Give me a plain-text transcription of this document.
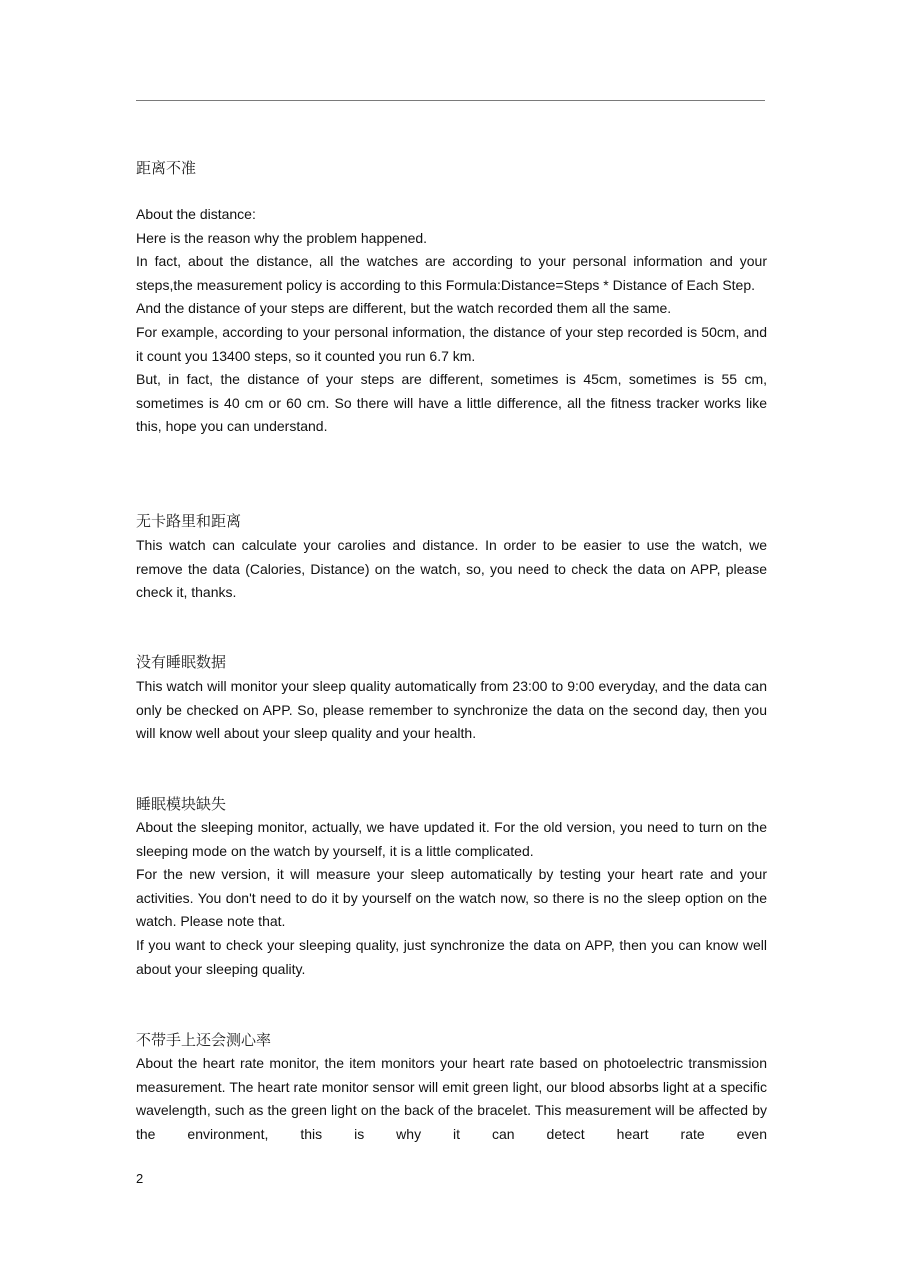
距离不准

About the distance:

Here is the reason why the problem happened.

In fact, about the distance, all the watches are according to your personal information and your steps,the measurement policy is according to this Formula:Distance=Steps * Distance of Each Step.

And the distance of your steps are different, but the watch recorded them all the same.

For example, according to your personal information, the distance of your step recorded is 50cm, and it count you 13400 steps, so it counted you run 6.7 km.

But, in fact, the distance of your steps are different, sometimes is 45cm, sometimes is 55 cm, sometimes is 40 cm or 60 cm. So there will have a little difference, all the fitness tracker works like this, hope you can understand.

无卡路里和距离

This watch can calculate your carolies and distance. In order to be easier to use the watch, we remove the data (Calories, Distance) on the watch, so, you need to check the data on APP, please check it, thanks.

没有睡眠数据

This watch will monitor your sleep quality automatically from 23:00 to 9:00 everyday, and the data can only be checked on APP. So, please remember to synchronize the data on the second day, then you will know well about your sleep quality and your health.

睡眠模块缺失

About the sleeping monitor, actually, we have updated it. For the old version, you need to turn on the sleeping mode on the watch by yourself, it is a little complicated.

For the new version, it will measure your sleep automatically by testing your heart rate and your activities. You don't need to do it by yourself on the watch now, so there is no the sleep option on the watch. Please note that.

If you want to check your sleeping quality, just synchronize the data on APP, then you can know well about your sleeping quality.

不带手上还会测心率

About the heart rate monitor, the item monitors your heart rate based on photoelectric transmission measurement. The heart rate monitor sensor will emit green light, our blood absorbs light at a specific wavelength, such as the green light on the back of the bracelet. This measurement will be affected by the environment, this is why it can detect heart rate even

2
